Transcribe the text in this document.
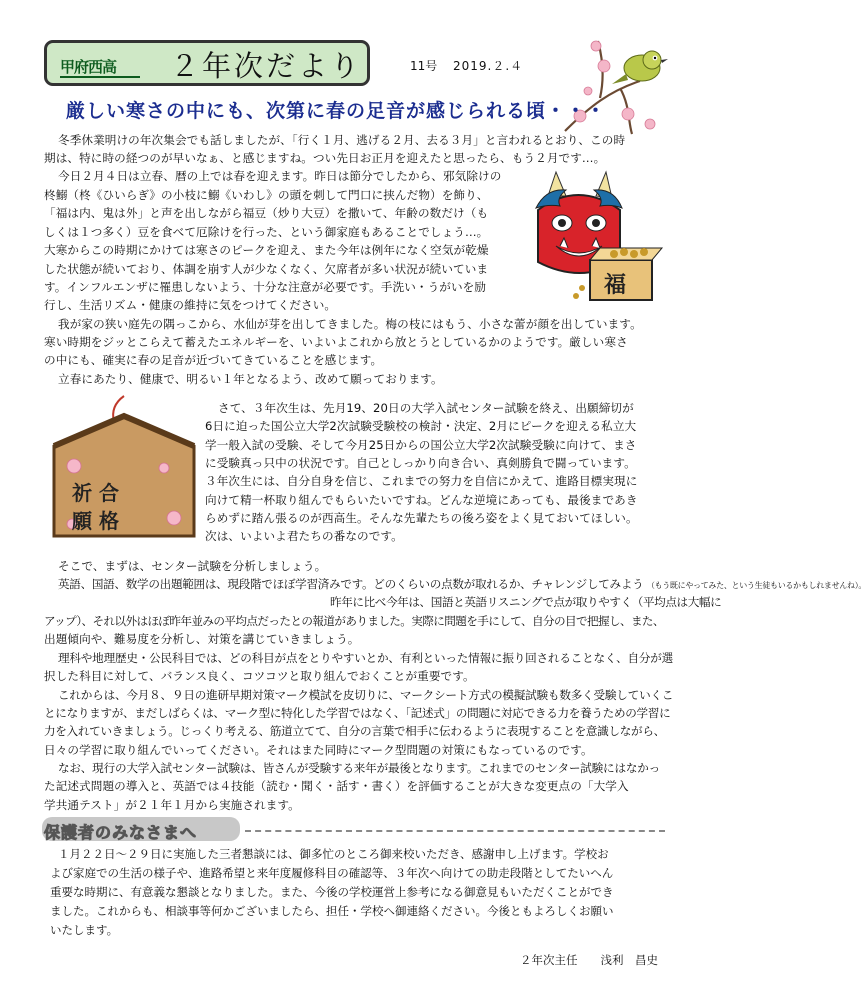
甲府西高 ２年次だより	11号 2019.２.４
厳しい寒さの中にも、次第に春の足音が感じられる頃・・・
冬季休業明けの年次集会でも話しましたが、「行く１月、逃げる２月、去る３月」と言われるとおり、この時
期は、特に時の経つのが早いなぁ、と感じますね。つい先日お正月を迎えたと思ったら、もう２月です…。
今日２月４日は立春、暦の上では春を迎えます。昨日は節分でしたから、邪気除けの
柊鰯（柊《ひいらぎ》の小枝に鰯《いわし》の頭を刺して門口に挟んだ物）を飾り、
「福は内、鬼は外」と声を出しながら福豆（炒り大豆）を撒いて、年齢の数だけ（も
しくは１つ多く）豆を食べて厄除けを行った、という御家庭もあることでしょう…。
大寒からこの時期にかけては寒さのピークを迎え、また今年は例年になく空気が乾燥
した状態が続いており、体調を崩す人が少なくなく、欠席者が多い状況が続いていま
す。インフルエンザに罹患しないよう、十分な注意が必要です。手洗い・うがいを励
行し、生活リズム・健康の維持に気をつけてください。
我が家の狭い庭先の隅っこから、水仙が芽を出してきました。梅の枝にはもう、小さな蕾が顔を出しています。
寒い時期をジッとこらえて蓄えたエネルギーを、いよいよこれから放とうとしているかのようです。厳しい寒さ
の中にも、確実に春の足音が近づいてきていることを感じます。
立春にあたり、健康で、明るい１年となるよう、改めて願っております。
福
祈 合
願 格
さて、３年次生は、先月19、20日の大学入試センター試験を終え、出願締切が
6日に迫った国公立大学2次試験受験校の検討・決定、2月にピークを迎える私立大
学一般入試の受験、そして今月25日からの国公立大学2次試験受験に向けて、まさ
に受験真っ只中の状況です。自己としっかり向き合い、真剣勝負で闘っています。
３年次生には、自分自身を信じ、これまでの努力を自信にかえて、進路目標実現に
向けて精一杯取り組んでもらいたいですね。どんな逆境にあっても、最後まであき
らめずに踏ん張るのが西高生。そんな先輩たちの後ろ姿をよく見ておいてほしい。
次は、いよいよ君たちの番なのです。
そこで、まずは、センター試験を分析しましょう。
英語、国語、数学の出題範囲は、現段階でほぼ学習済みです。どのくらいの点数が取れるか、チャレンジしてみよう （もう既にやってみた、という生徒もいるかもしれませんね）。
昨年に比べ今年は、国語と英語リスニングで点が取りやすく（平均点は大幅に
アップ）、それ以外はほぼ昨年並みの平均点だったとの報道がありました。実際に問題を手にして、自分の目で把握し、また、
出題傾向や、難易度を分析し、対策を講じていきましょう。
理科や地理歴史・公民科目では、どの科目が点をとりやすいとか、有利といった情報に振り回されることなく、自分が選
択した科目に対して、バランス良く、コツコツと取り組んでおくことが重要です。
これからは、今月８、９日の進研早期対策マーク模試を皮切りに、マークシート方式の模擬試験も数多く受験していくこ
とになりますが、まだしばらくは、マーク型に特化した学習ではなく、「記述式」の問題に対応できる力を養うための学習に
力を入れていきましょう。じっくり考える、筋道立てて、自分の言葉で相手に伝わるように表現することを意識しながら、
日々の学習に取り組んでいってください。それはまた同時にマーク型問題の対策にもなっているのです。
なお、現行の大学入試センター試験は、皆さんが受験する来年が最後となります。これまでのセンター試験にはなかっ
た記述式問題の導入と、英語では４技能（読む・聞く・話す・書く）を評価することが大きな変更点の「大学入
学共通テスト」が２１年１月から実施されます。
保護者のみなさまへ
１月２２日～２９日に実施した三者懇談には、御多忙のところ御来校いただき、感謝申し上げます。学校お
よび家庭での生活の様子や、進路希望と来年度履修科目の確認等、３年次へ向けての助走段階としてたいへん
重要な時期に、有意義な懇談となりました。また、今後の学校運営上参考になる御意見もいただくことができ
ました。これからも、相談事等何かございましたら、担任・学校へ御連絡ください。今後ともよろしくお願い
いたします。
２年次主任　　浅利　昌史
